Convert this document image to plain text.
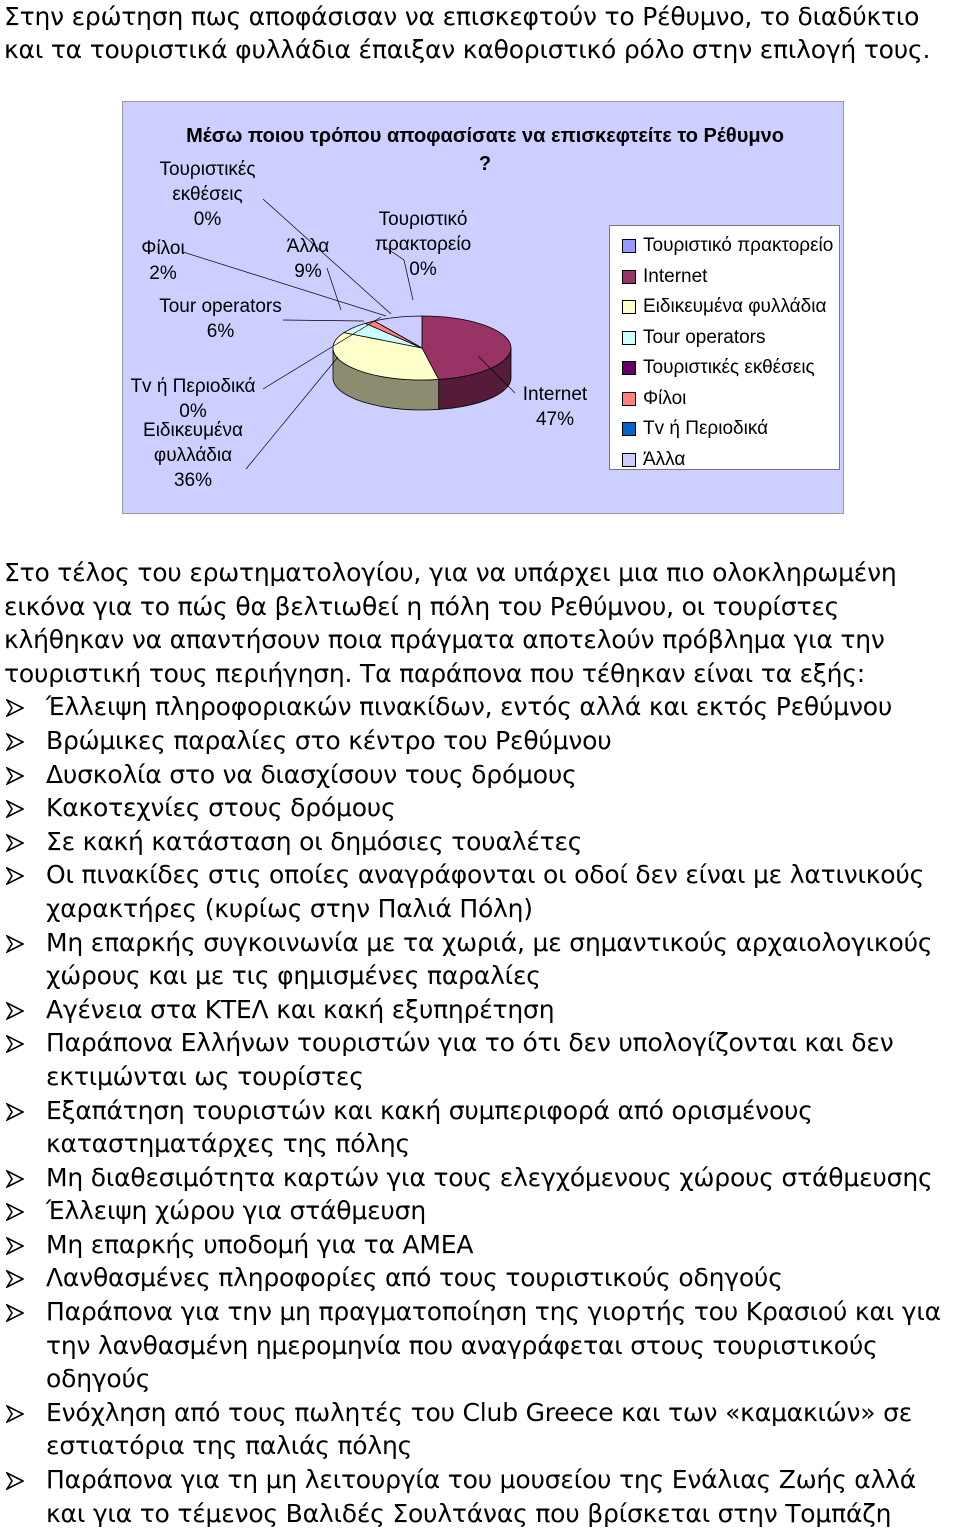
Στην ερώτηση πως αποφάσισαν να επισκεφτούν το Ρέθυμνο, το διαδύκτιο και τα τουριστικά φυλλάδια έπαιξαν καθοριστικό ρόλο στην επιλογή τους.
Μέσω ποιου τρόπου αποφασίσατε να επισκεφτείτε το Ρέθυμνο ?
Τουριστικό
πρακτορείο
0%
Internet
47%
Ειδικευμένα
φυλλάδια
36%
Tour operators
6%
Τουριστικές
εκθέσεις
0%
Φίλοι
2%
Τv ή Περιοδικά
0%
Άλλα
9%
Τουριστικό πρακτορείο
Internet
Ειδικευμένα φυλλάδια
Tour operators
Τουριστικές εκθέσεις
Φίλοι
Τv ή Περιοδικά
Άλλα
Στο τέλος του ερωτηματολογίου, για να υπάρχει μια πιο ολοκληρωμένη εικόνα για το πώς θα βελτιωθεί η πόλη του Ρεθύμνου, οι τουρίστες κλήθηκαν να απαντήσουν ποια πράγματα αποτελούν πρόβλημα για την τουριστική τους περιήγηση. Τα παράπονα που τέθηκαν είναι τα εξής:
Έλλειψη πληροφοριακών πινακίδων, εντός αλλά και εκτός Ρεθύμνου
Βρώμικες παραλίες στο κέντρο του Ρεθύμνου
Δυσκολία στο να διασχίσουν τους δρόμους
Κακοτεχνίες στους δρόμους
Σε κακή κατάσταση οι δημόσιες τουαλέτες
Οι πινακίδες στις οποίες αναγράφονται οι οδοί δεν είναι με λατινικούς χαρακτήρες (κυρίως στην Παλιά Πόλη)
Μη επαρκής συγκοινωνία με τα χωριά, με σημαντικούς αρχαιολογικούς χώρους και με τις φημισμένες παραλίες
Αγένεια στα ΚΤΕΛ και κακή εξυπηρέτηση
Παράπονα Ελλήνων τουριστών για το ότι δεν υπολογίζονται και δεν εκτιμώνται ως τουρίστες
Εξαπάτηση τουριστών και κακή συμπεριφορά από ορισμένους καταστηματάρχες της πόλης
Μη διαθεσιμότητα καρτών για τους ελεγχόμενους χώρους στάθμευσης
Έλλειψη χώρου για στάθμευση
Μη επαρκής υποδομή για τα ΑΜΕΑ
Λανθασμένες πληροφορίες από τους τουριστικούς οδηγούς
Παράπονα για την μη πραγματοποίηση της γιορτής του Κρασιού και για την λανθασμένη ημερομηνία που αναγράφεται στους τουριστικούς οδηγούς
Ενόχληση από τους πωλητές του Club Greece και των «καμακιών» σε εστιατόρια της παλιάς πόλης
Παράπονα για τη μη λειτουργία του μουσείου της Ενάλιας Ζωής αλλά και για το τέμενος Βαλιδές Σουλτάνας που βρίσκεται στην Τομπάζη
